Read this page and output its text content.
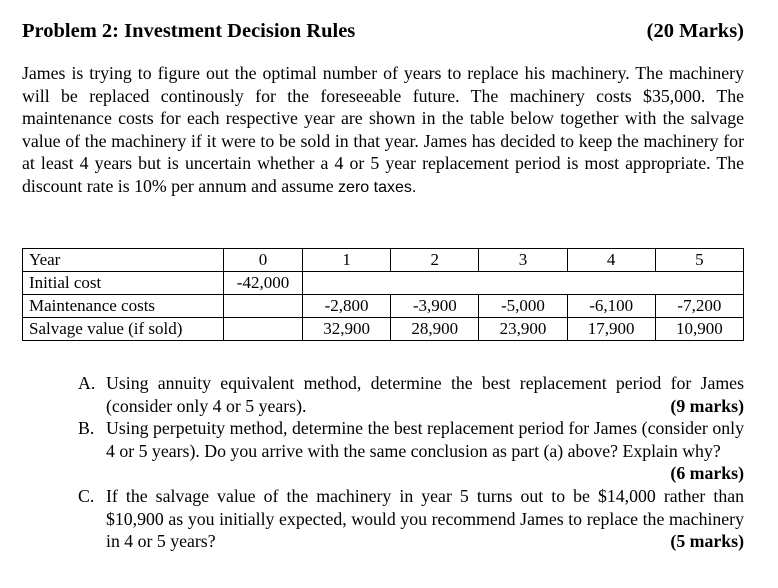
Problem 2: Investment Decision Rules	(20 Marks)
James is trying to figure out the optimal number of years to replace his machinery. The machinery will be replaced continously for the foreseeable future. The machinery costs $35,000. The maintenance costs for each respective year are shown in the table below together with the salvage value of the machinery if it were to be sold in that year. James has decided to keep the machinery for at least 4 years but is uncertain whether a 4 or 5 year replacement period is most appropriate. The discount rate is 10% per annum and assume zero taxes.
Year	0	1	2	3	4	5
Initial cost	-42,000					
Maintenance costs		-2,800	-3,900	-5,000	-6,100	-7,200
Salvage value (if sold)		32,900	28,900	23,900	17,900	10,900
A. Using annuity equivalent method, determine the best replacement period for James (consider only 4 or 5 years).	(9 marks)
B. Using perpetuity method, determine the best replacement period for James (consider only 4 or 5 years). Do you arrive with the same conclusion as part (a) above? Explain why?
(6 marks)
C. If the salvage value of the machinery in year 5 turns out to be $14,000 rather than $10,900 as you initially expected, would you recommend James to replace the machinery in 4 or 5 years?	(5 marks)
